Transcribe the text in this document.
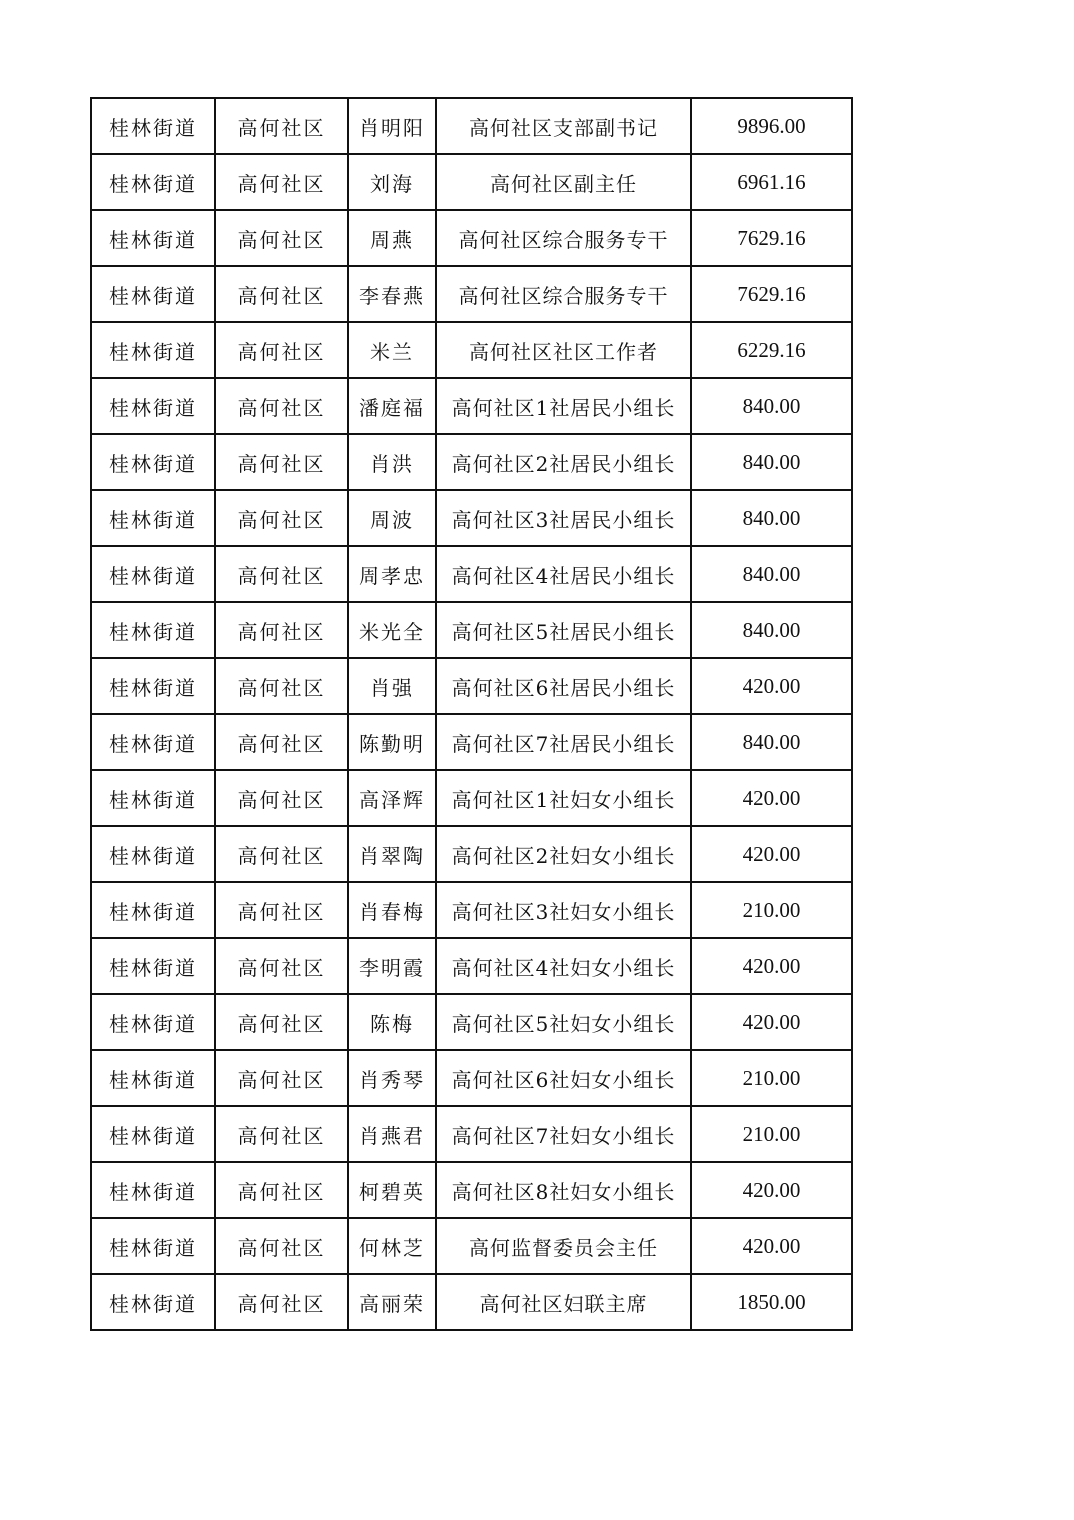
桂林街道	高何社区	肖明阳	高何社区支部副书记	9896.00
桂林街道	高何社区	刘海	高何社区副主任	6961.16
桂林街道	高何社区	周燕	高何社区综合服务专干	7629.16
桂林街道	高何社区	李春燕	高何社区综合服务专干	7629.16
桂林街道	高何社区	米兰	高何社区社区工作者	6229.16
桂林街道	高何社区	潘庭福	高何社区1社居民小组长	840.00
桂林街道	高何社区	肖洪	高何社区2社居民小组长	840.00
桂林街道	高何社区	周波	高何社区3社居民小组长	840.00
桂林街道	高何社区	周孝忠	高何社区4社居民小组长	840.00
桂林街道	高何社区	米光全	高何社区5社居民小组长	840.00
桂林街道	高何社区	肖强	高何社区6社居民小组长	420.00
桂林街道	高何社区	陈勤明	高何社区7社居民小组长	840.00
桂林街道	高何社区	高泽辉	高何社区1社妇女小组长	420.00
桂林街道	高何社区	肖翠陶	高何社区2社妇女小组长	420.00
桂林街道	高何社区	肖春梅	高何社区3社妇女小组长	210.00
桂林街道	高何社区	李明霞	高何社区4社妇女小组长	420.00
桂林街道	高何社区	陈梅	高何社区5社妇女小组长	420.00
桂林街道	高何社区	肖秀琴	高何社区6社妇女小组长	210.00
桂林街道	高何社区	肖燕君	高何社区7社妇女小组长	210.00
桂林街道	高何社区	柯碧英	高何社区8社妇女小组长	420.00
桂林街道	高何社区	何林芝	高何监督委员会主任	420.00
桂林街道	高何社区	高丽荣	高何社区妇联主席	1850.00
